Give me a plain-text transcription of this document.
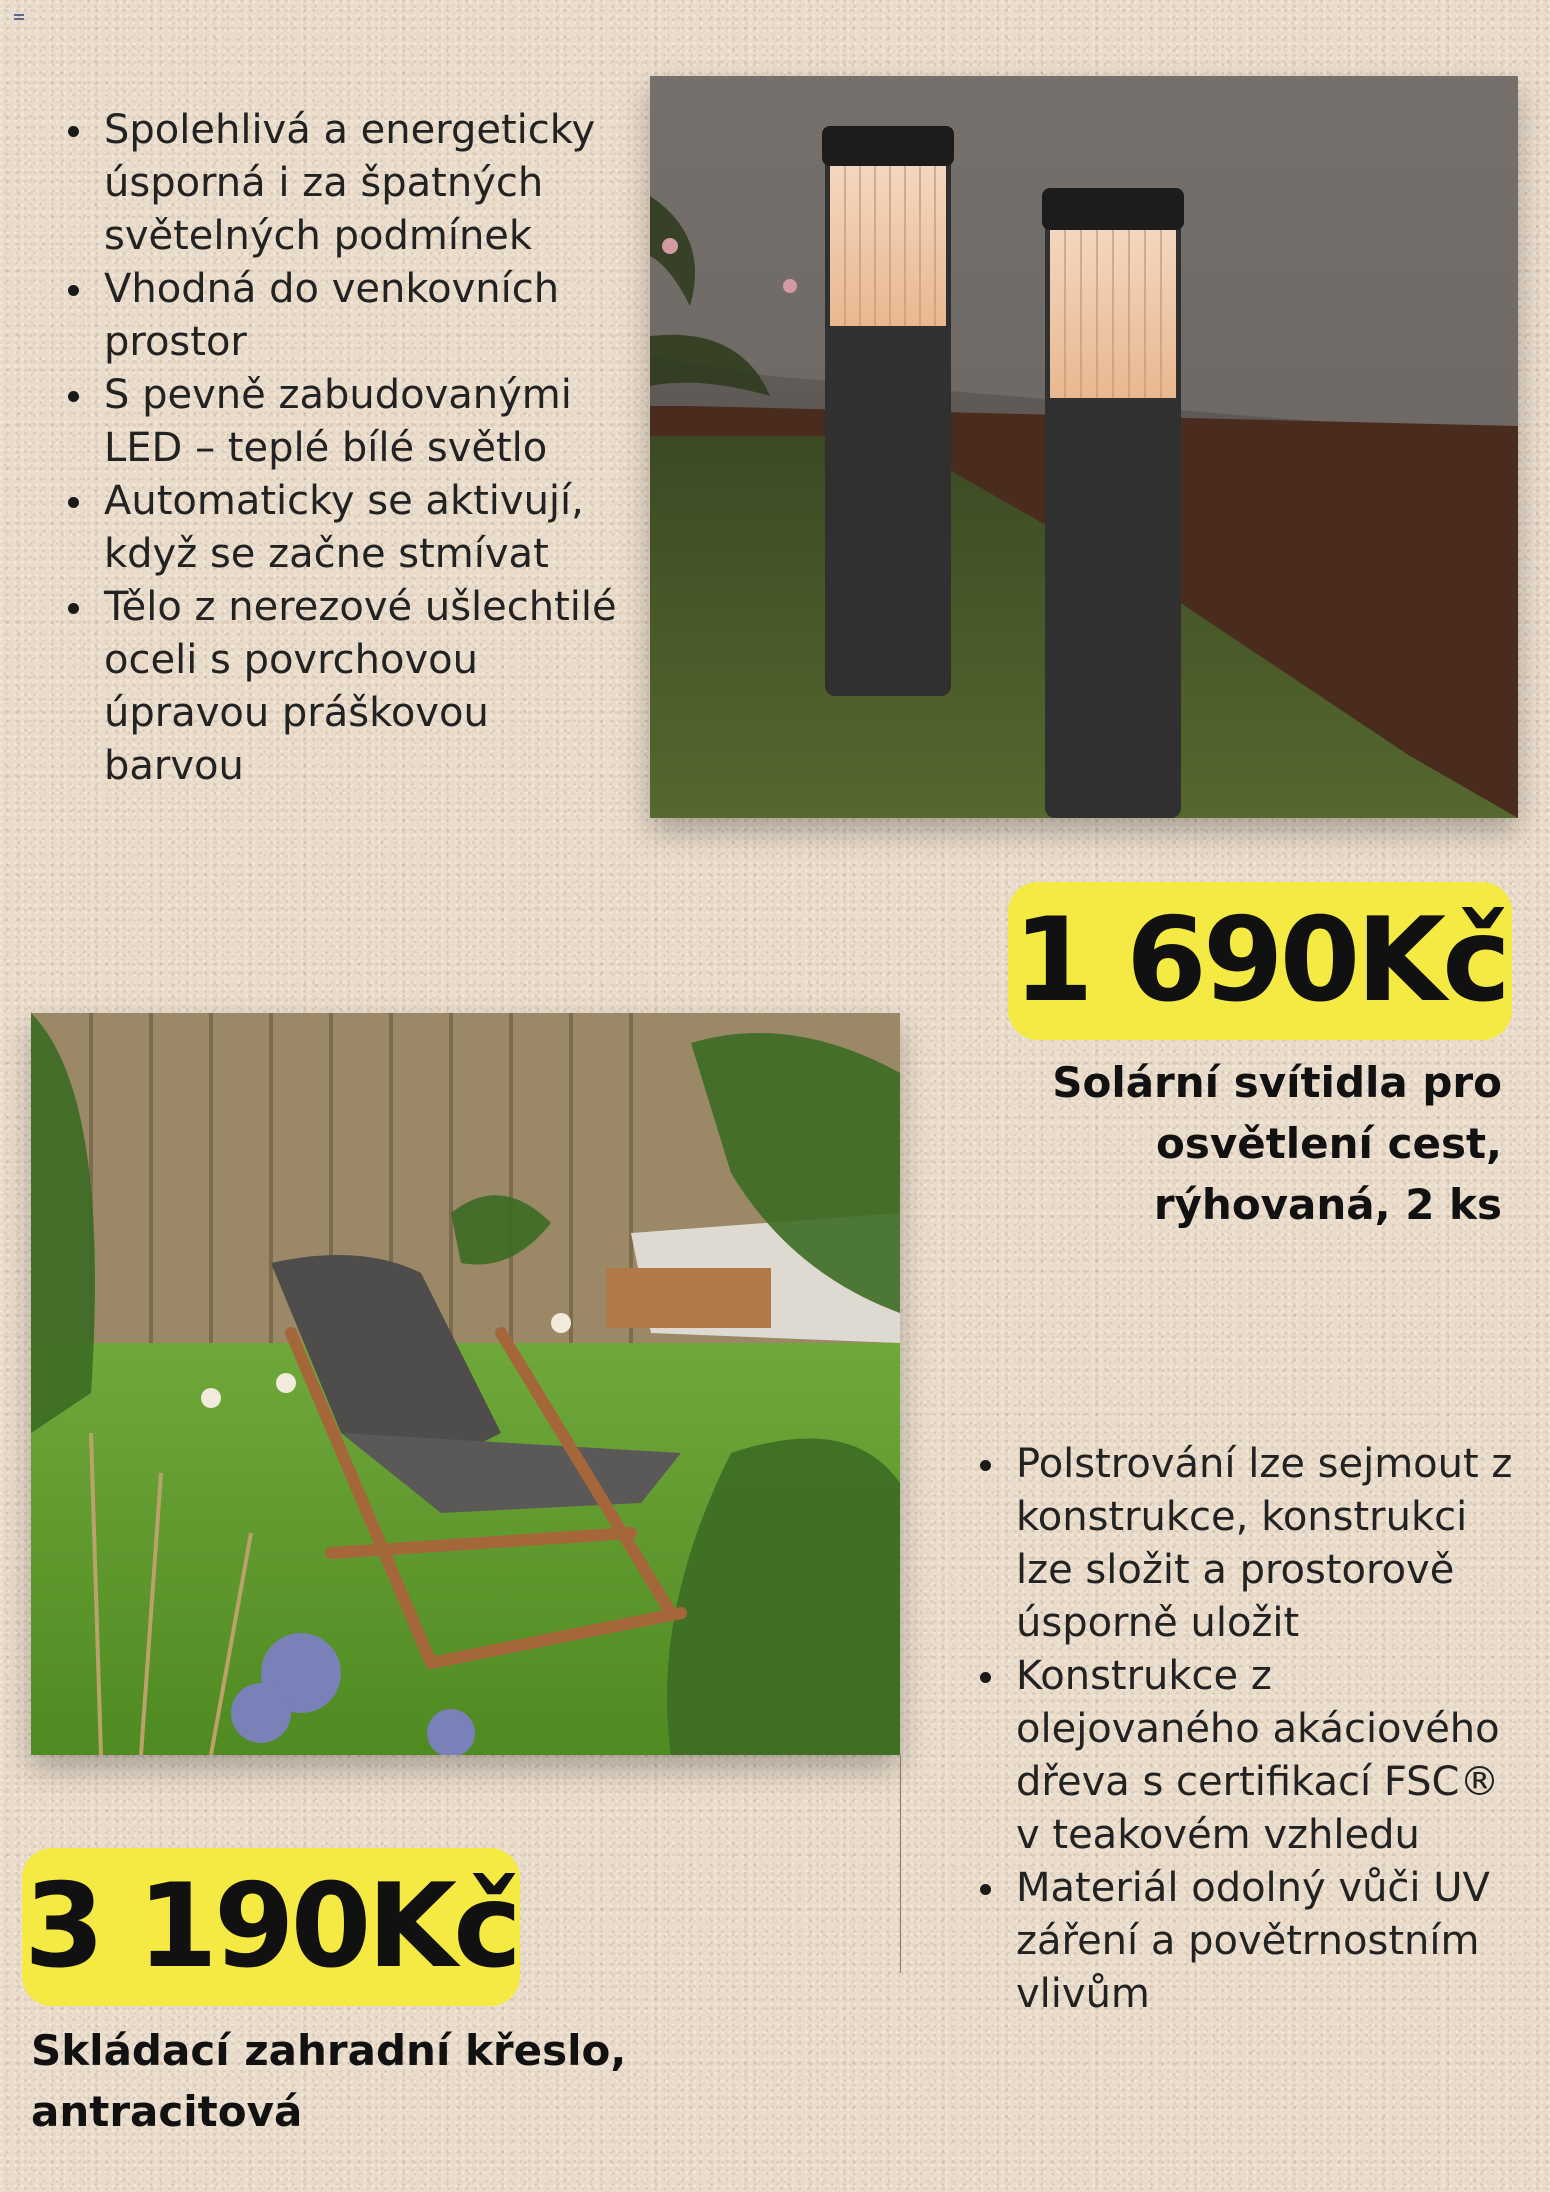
Spolehlivá a energeticky úsporná i za špatných světelných podmínek
Vhodná do venkovních prostor
S pevně zabudovanými LED – teplé bílé světlo
Automaticky se aktivují, když se začne stmívat
Tělo z nerezové ušlechtilé oceli s povrchovou úpravou práškovou barvou
1 690Kč
Solární svítidla pro
osvětlení cest,
rýhovaná, 2 ks
Polstrování lze sejmout z konstrukce, konstrukci lze složit a prostorově úsporně uložit
Konstrukce z olejovaného akáciového dřeva s certifikací FSC® v teakovém vzhledu
Materiál odolný vůči UV záření a povětrnostním vlivům
3 190Kč
Skládací zahradní křeslo,
antracitová
